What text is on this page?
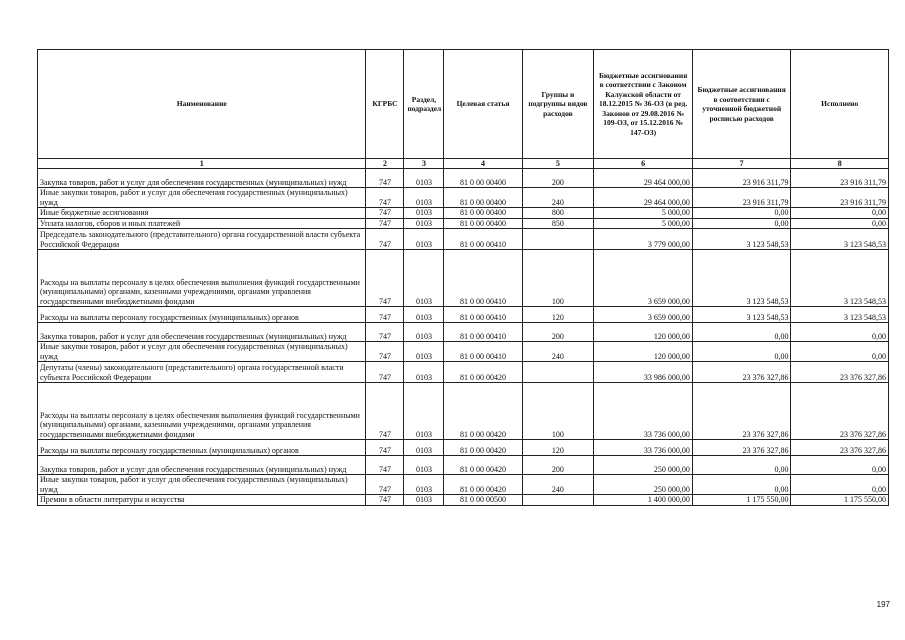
Наименование	КГРБС	Раздел, подраздел	Целевая статья	Группы и подгруппы видов расходов	Бюджетные ассигнования в соответствии с Законом Калужской области от 18.12.2015 № 36-ОЗ (в ред. Законов от 29.08.2016 № 109-ОЗ, от 15.12.2016 № 147-ОЗ)	Бюджетные ассигнования в соответствии с уточненной бюджетной росписью расходов	Исполнено
1	2	3	4	5	6	7	8
Закупка товаров, работ и услуг для обеспечения государственных (муниципальных) нужд	747	0103	81 0 00 00400	200	29 464 000,00	23 916 311,79	23 916 311,79
Иные закупки товаров, работ и услуг для обеспечения государственных (муниципальных) нужд	747	0103	81 0 00 00400	240	29 464 000,00	23 916 311,79	23 916 311,79
Иные бюджетные ассигнования	747	0103	81 0 00 00400	800	5 000,00	0,00	0,00
Уплата налогов, сборов и иных платежей	747	0103	81 0 00 00400	850	5 000,00	0,00	0,00
Председатель законодательного (представительного) органа государственной власти субъекта Российской Федерации	747	0103	81 0 00 00410		3 779 000,00	3 123 548,53	3 123 548,53
Расходы на выплаты персоналу в целях обеспечения выполнения функций государственными (муниципальными) органами, казенными учреждениями, органами управления государственными внебюджетными фондами	747	0103	81 0 00 00410	100	3 659 000,00	3 123 548,53	3 123 548,53
Расходы на выплаты персоналу государственных (муниципальных) органов	747	0103	81 0 00 00410	120	3 659 000,00	3 123 548,53	3 123 548,53
Закупка товаров, работ и услуг для обеспечения государственных (муниципальных) нужд	747	0103	81 0 00 00410	200	120 000,00	0,00	0,00
Иные закупки товаров, работ и услуг для обеспечения государственных (муниципальных) нужд	747	0103	81 0 00 00410	240	120 000,00	0,00	0,00
Депутаты (члены) законодательного (представительного) органа государственной власти субъекта Российской Федерации	747	0103	81 0 00 00420		33 986 000,00	23 376 327,86	23 376 327,86
Расходы на выплаты персоналу в целях обеспечения выполнения функций государственными (муниципальными) органами, казенными учреждениями, органами управления государственными внебюджетными фондами	747	0103	81 0 00 00420	100	33 736 000,00	23 376 327,86	23 376 327,86
Расходы на выплаты персоналу государственных (муниципальных) органов	747	0103	81 0 00 00420	120	33 736 000,00	23 376 327,86	23 376 327,86
Закупка товаров, работ и услуг для обеспечения государственных (муниципальных) нужд	747	0103	81 0 00 00420	200	250 000,00	0,00	0,00
Иные закупки товаров, работ и услуг для обеспечения государственных (муниципальных) нужд	747	0103	81 0 00 00420	240	250 000,00	0,00	0,00
Премии в области литературы и искусства	747	0103	81 0 00 00500		1 400 000,00	1 175 550,00	1 175 550,00
197
